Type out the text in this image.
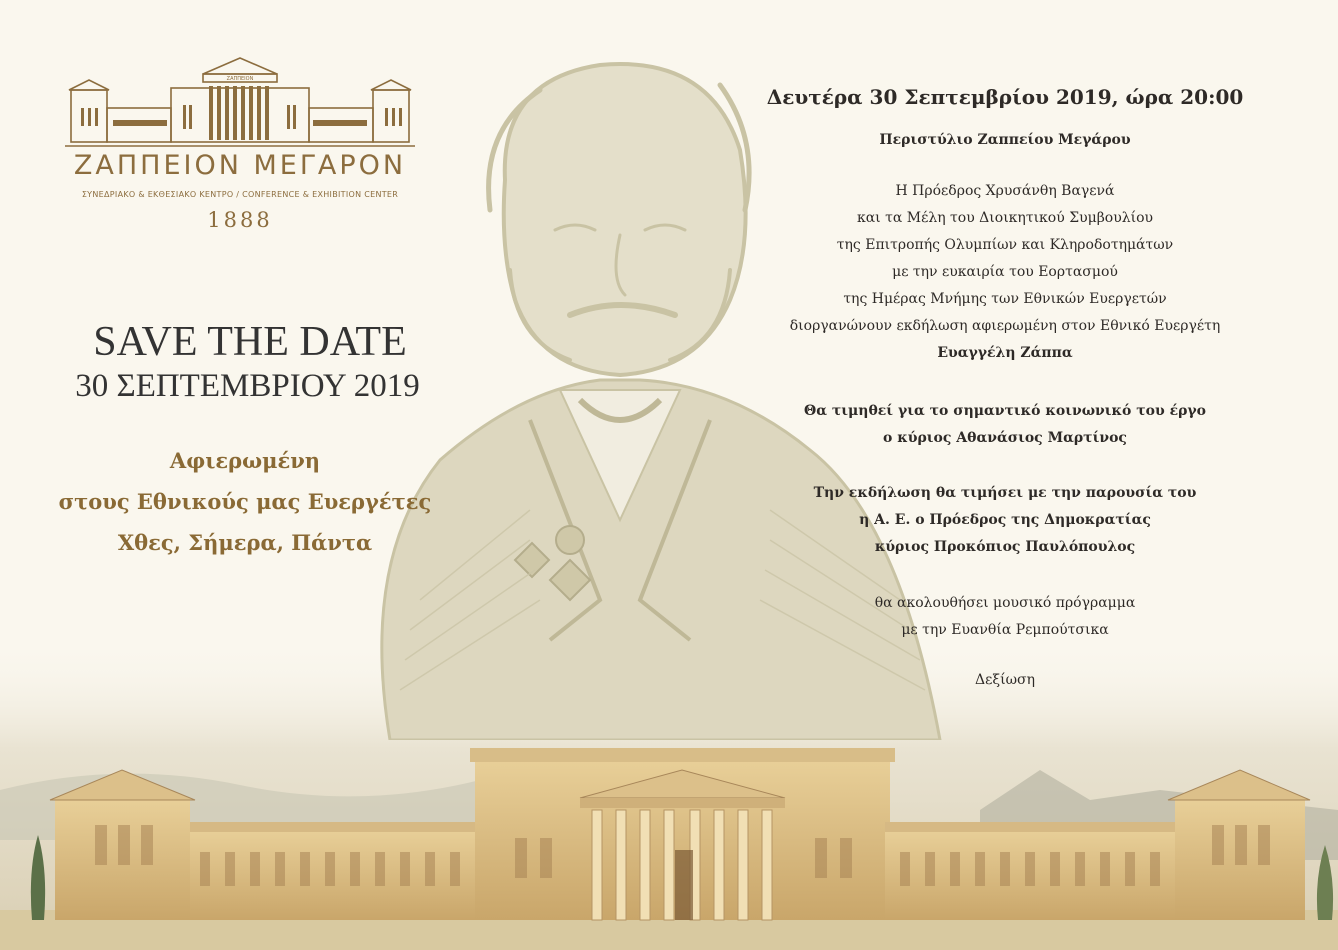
ΖΑΠΠΕΙΟΝ
ΖΑΠΠΕΙΟΝ ΜΕΓΑΡΟΝ
ΣΥΝΕΔΡΙΑΚΟ & ΕΚΘΕΣΙΑΚΟ ΚΕΝΤΡΟ / CONFERENCE & EXHIBITION CENTER
1888
SAVE THE DATE
30 ΣΕΠΤΕΜΒΡΙΟΥ 2019
Αφιερωμένη
στους Εθνικούς μας Ευεργέτες
Χθες, Σήμερα, Πάντα
Δευτέρα 30 Σεπτεμβρίου 2019, ώρα 20:00
Περιστύλιο Ζαππείου Μεγάρου
Η Πρόεδρος Χρυσάνθη Βαγενά
και τα Μέλη του Διοικητικού Συμβουλίου
της Επιτροπής Ολυμπίων και Κληροδοτημάτων
με την ευκαιρία του Εορτασμού
της Ημέρας Μνήμης των Εθνικών Ευεργετών
διοργανώνουν εκδήλωση αφιερωμένη στον Εθνικό Ευεργέτη
Ευαγγέλη Ζάππα
Θα τιμηθεί για το σημαντικό κοινωνικό του έργο
ο κύριος Αθανάσιος Μαρτίνος
Την εκδήλωση θα τιμήσει με την παρουσία του
η Α. Ε. ο Πρόεδρος της Δημοκρατίας
κύριος Προκόπιος Παυλόπουλος
θα ακολουθήσει μουσικό πρόγραμμα
με την Ευανθία Ρεμπούτσικα
Δεξίωση
